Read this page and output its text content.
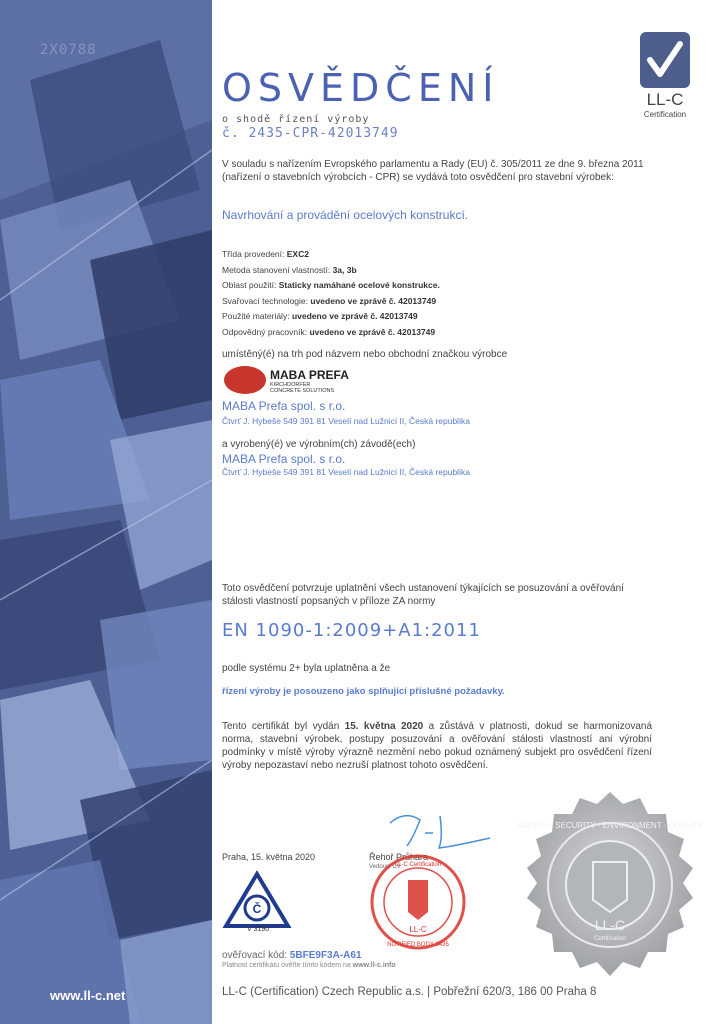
2X0788
www.ll-c.net
LL-C
Certification
OSVĚDČENÍ
o shodě řízení výroby
č. 2435-CPR-42013749
V souladu s nařízením Evropského parlamentu a Rady (EU) č. 305/2011 ze dne 9. března 2011 (nařízení o stavebních výrobcích - CPR) se vydává toto osvědčení pro stavební výrobek:
Navrhování a provádění ocelových konstrukcí.
Třída provedení: EXC2
Metoda stanovení vlastností: 3a, 3b
Oblast použití: Staticky namáhané ocelové konstrukce.
Svařovací technologie: uvedeno ve zprávě č. 42013749
Použité materiály: uvedeno ve zprávě č. 42013749
Odpovědný pracovník: uvedeno ve zprávě č. 42013749
umístěný(é) na trh pod názvem nebo obchodní značkou výrobce
MABA PREFA
KIRCHDORFER
CONCRETE SOLUTIONS
MABA Prefa spol. s r.o.
Čtvrť J. Hybeše 549 391 81 Veselí nad Lužnicí II, Česká republika
a vyrobený(é) ve výrobním(ch) závodě(ech)
MABA Prefa spol. s r.o.
Čtvrť J. Hybeše 549 391 81 Veselí nad Lužnicí II, Česká republika
Toto osvědčení potvrzuje uplatnění všech ustanovení týkajících se posuzování a ověřování stálosti vlastností popsaných v příloze ZA normy
EN 1090-1:2009+A1:2011
podle systému 2+ byla uplatněna a že
řízení výroby je posouzeno jako splňující příslušné požadavky.
Tento certifikát byl vydán 15. května 2020 a zůstává v platnosti, dokud se harmonizovaná norma, stavební výrobek, postupy posuzování a ověřování stálosti vlastností ani výrobní podmínky v místě výroby výrazně nezmění nebo pokud oznámený subjekt pro osvědčení řízení výroby nepozastaví nebo nezruší platnost tohoto osvědčení.
Praha, 15. května 2020	Řehoř Průhara
Vedoucí CV
Č
V 3190	LL-C
LL-C Certification
NOTIFIED BODY 2435
LL-C
Certification
SAFETY · SECURITY · ENVIRONMENT · QUALITY
ověřovací kód: 5BFE9F3A-A61
Platnost certifikátu ověřte tímto kódem na www.ll-c.info
LL-C (Certification) Czech Republic a.s. | Pobřežní 620/3, 186 00 Praha 8
